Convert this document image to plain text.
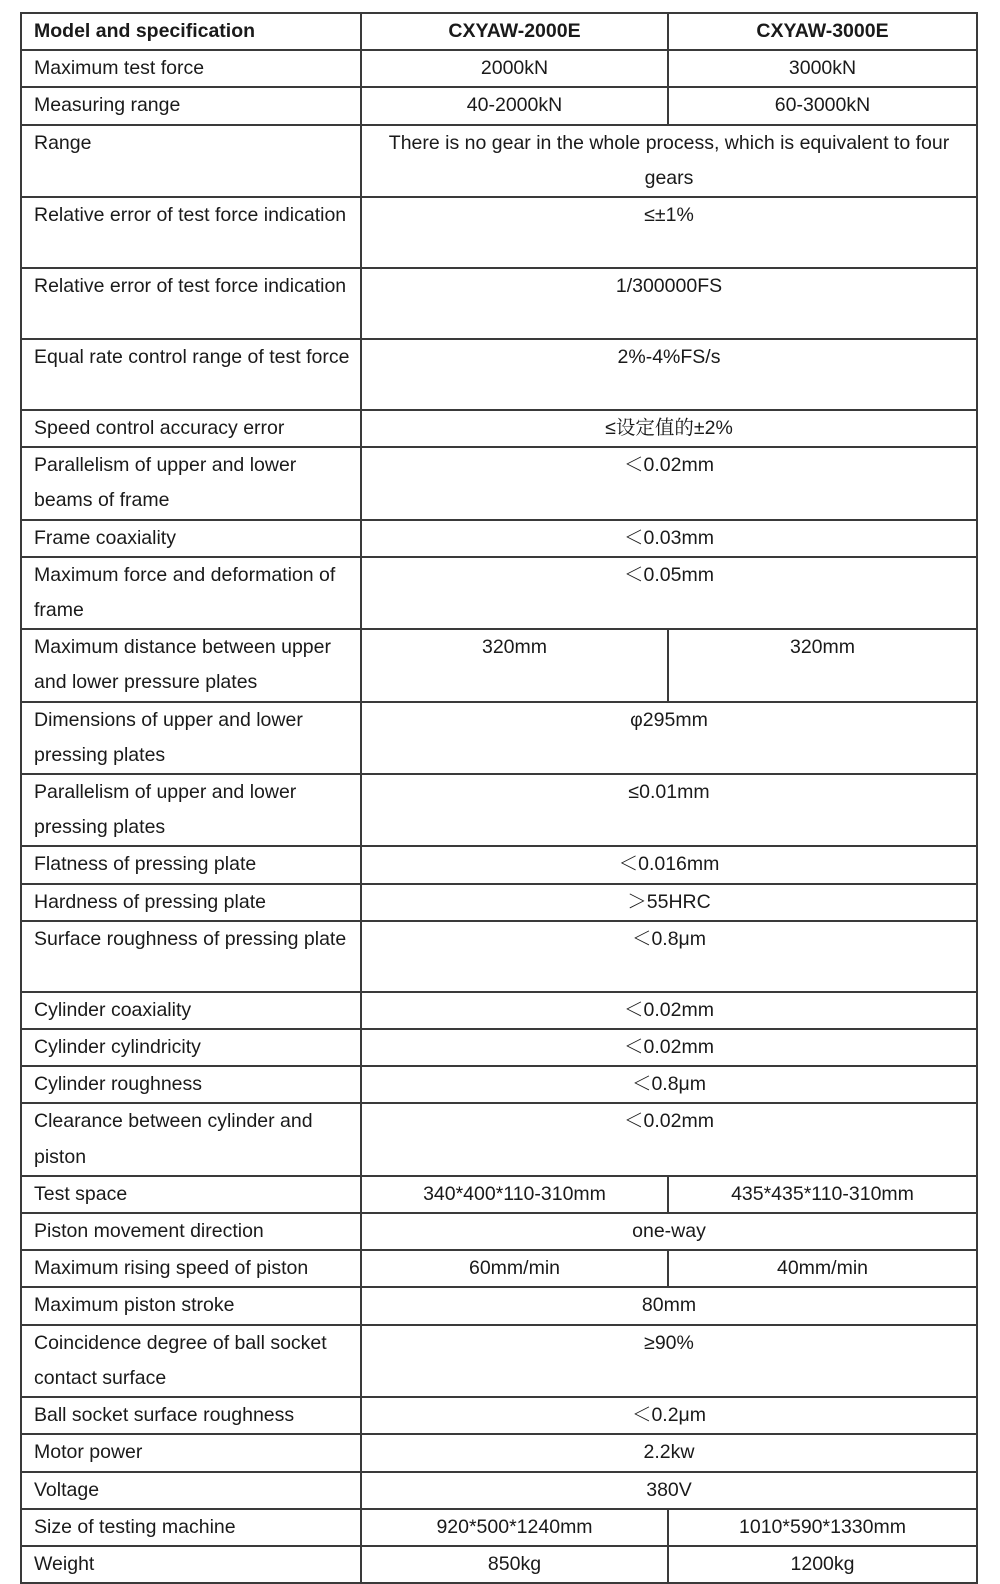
Model and specification	CXYAW-2000E	CXYAW-3000E
Maximum test force	2000kN	3000kN
Measuring range	40-2000kN	60-3000kN
Range	There is no gear in the whole process, which is equivalent to four gears	
Relative error of test force indication	≤±1%	
Relative error of test force indication	1/300000FS	
Equal rate control range of test force	2%-4%FS/s	
Speed control accuracy error	≤设定值的±2%	
Parallelism of upper and lower beams of frame	＜0.02mm	
Frame coaxiality	＜0.03mm	
Maximum force and deformation of frame	＜0.05mm	
Maximum distance between upper and lower pressure plates	320mm	320mm
Dimensions of upper and lower pressing plates	φ295mm	
Parallelism of upper and lower pressing plates	≤0.01mm	
Flatness of pressing plate	＜0.016mm	
Hardness of pressing plate	＞55HRC	
Surface roughness of pressing plate	＜0.8μm	
Cylinder coaxiality	＜0.02mm	
Cylinder cylindricity	＜0.02mm	
Cylinder roughness	＜0.8μm	
Clearance between cylinder and piston	＜0.02mm	
Test space	340*400*110-310mm	435*435*110-310mm
Piston movement direction	one-way	
Maximum rising speed of piston	60mm/min	40mm/min
Maximum piston stroke	80mm	
Coincidence degree of ball socket contact surface	≥90%	
Ball socket surface roughness	＜0.2μm	
Motor power	2.2kw	
Voltage	380V	
Size of testing machine	920*500*1240mm	1010*590*1330mm
Weight	850kg	1200kg
